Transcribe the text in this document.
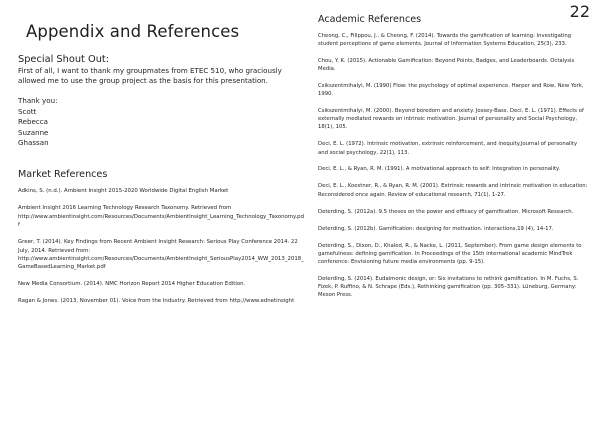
22
Appendix and References
Special Shout Out:
First of all, I want to thank my groupmates from ETEC 510, who graciously allowed me to use the group project as the basis for this presentation.
Thank you:
Scott
Rebecca
Suzanne
Ghassan
Market References
Adkins, S. (n.d.). Ambient Insight 2015-2020 Worldwide Digital English Market
Ambient Insight 2016 Learning Technology Research Taxonomy. Retrieved from http://www.ambientinsight.com/Resources/Documents/AmbientInsight_Learning_Technology_Taxonomy.pdf
Greer, T. (2014). Key Findings from Recent Ambient Insight Research: Serious Play Conference 2014. 22 July, 2014. Retrieved from: http://www.ambientinsight.com/Resources/Documents/AmbientInsight_SeriousPlay2014_WW_2013_2018_GameBasedLearning_Market.pdf
New Media Consortium. (2014). NMC Horizon Report 2014 Higher Education Edition.
Ragan & Jones. (2013, November 01). Voice from the Industry. Retrieved from http://www.ednetinsight
Academic References
Cheong, C., Filippou, J., & Cheong, F. (2014). Towards the gamification of learning: Investigating student perceptions of game elements. Journal of Information Systems Education, 25(3), 233.
Chou, Y. K. (2015). Actionable Gamification: Beyond Points, Badges, and Leaderboards. Octalysis Media.
Csikszentmihalyi, M. (1990) Flow: the psychology of optimal experience. Harper and Row, New York, 1990.
Csikszentmihalyi, M. (2000). Beyond boredom and anxiety. Jossey-Bass. Deci, E. L. (1971). Effects of externally mediated rewards on intrinsic motivation. Journal of personality and Social Psychology, 18(1), 105.
Deci, E. L. (1972). Intrinsic motivation, extrinsic reinforcement, and inequity.Journal of personality and social psychology, 22(1), 113.
Deci, E. L., & Ryan, R. M. (1991). A motivational approach to self: Integration in personality.
Deci, E. L., Koestner, R., & Ryan, R. M. (2001). Extrinsic rewards and intrinsic motivation in education: Reconsidered once again. Review of educational research, 71(1), 1-27.
Deterding, S. (2012a). 9.5 theses on the power and efficacy of gamification. Microsoft Research.
Deterding, S. (2012b). Gamification: designing for motivation. interactions,19 (4), 14-17.
Deterding, S., Dixon, D., Khaled, R., & Nacke, L. (2011, September). From game design elements to gamefulness: defining gamification. In Proceedings of the 15th international academic MindTrek conference: Envisioning future media environments (pp. 9-15).
Deterding, S. (2014). Eudaimonic design, or: Six invitations to rethink gamification. In M. Fuchs, S. Fizek, P. Ruffino, & N. Schrape (Eds.), Rethinking gamification (pp. 305–331). Lüneburg, Germany: Meson Press.
